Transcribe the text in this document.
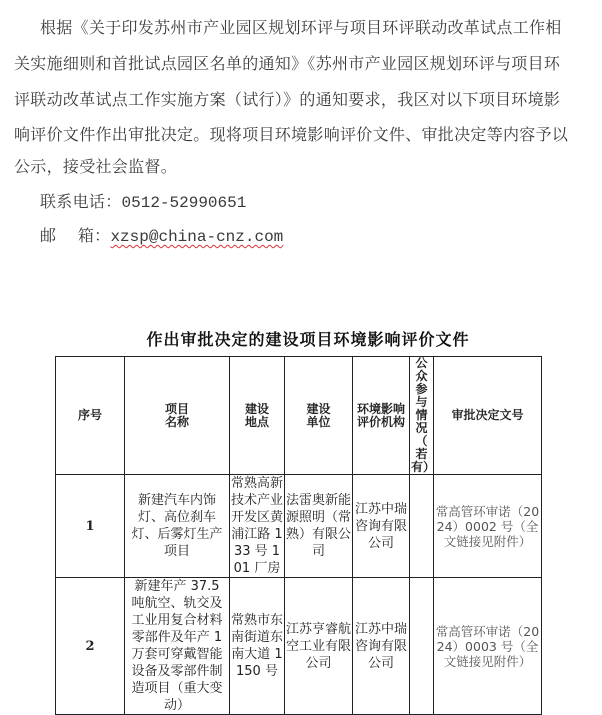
根据《关于印发苏州市产业园区规划环评与项目环评联动改革试点工作相
关实施细则和首批试点园区名单的通知》《苏州市产业园区规划环评与项目环
评联动改革试点工作实施方案（试行）》的通知要求，我区对以下项目环境影
响评价文件作出审批决定。现将项目环境影响评价文件、审批决定等内容予以
公示，接受社会监督。
联系电话：0512-52990651
邮    箱：xzsp@china-cnz.com
作出审批决定的建设项目环境影响评价文件
序号	项目名称	建设地点	建设单位	环境影响评价机构	公众参与情况（若有）	审批决定文号
1	新建汽车内饰灯、高位刹车灯、后雾灯生产项目	常熟高新技术产业开发区黄浦江路 133 号 101 厂房	法雷奥新能源照明（常熟）有限公司	江苏中瑞咨询有限公司		常高管环审诺（2024）0002 号（全文链接见附件）
2	新建年产 37.5 吨航空、轨交及工业用复合材料零部件及年产 1 万套可穿戴智能设备及零部件制造项目（重大变动）	常熟市东南街道东南大道 1150 号	江苏亨睿航空工业有限公司	江苏中瑞咨询有限公司		常高管环审诺（2024）0003 号（全文链接见附件）
